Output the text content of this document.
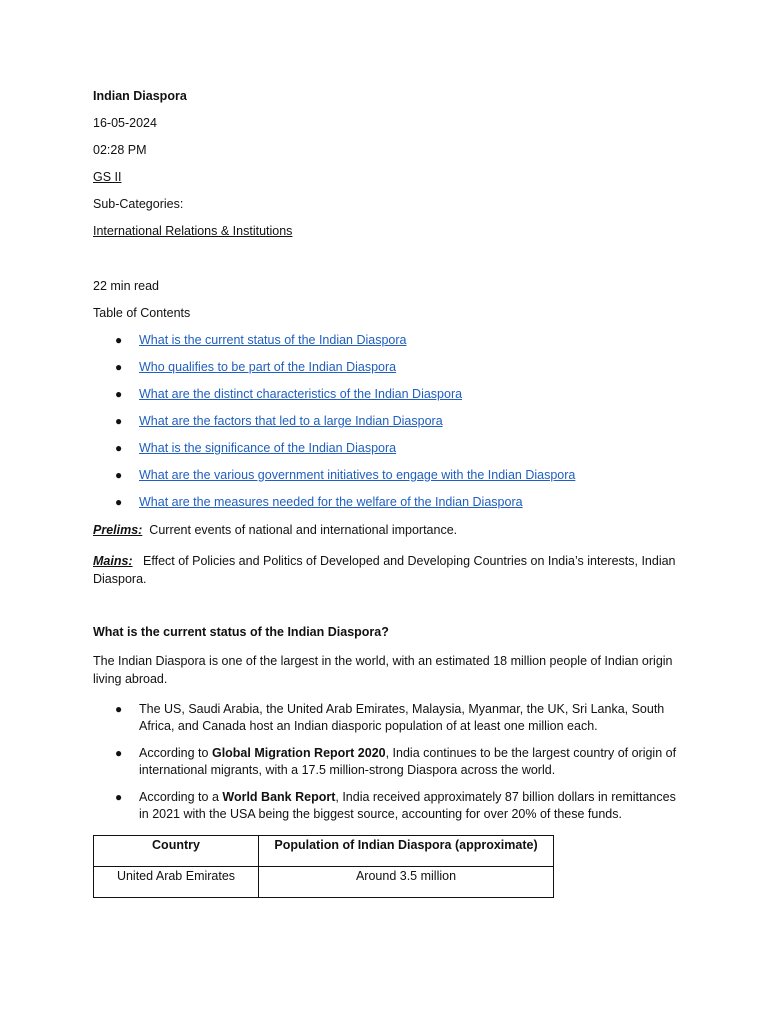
Indian Diaspora

16-05-2024

02:28 PM

GS II

Sub-Categories:

International Relations & Institutions

22 min read

Table of Contents

● What is the current status of the Indian Diaspora
● Who qualifies to be part of the Indian Diaspora
● What are the distinct characteristics of the Indian Diaspora
● What are the factors that led to a large Indian Diaspora
● What is the significance of the Indian Diaspora
● What are the various government initiatives to engage with the Indian Diaspora
● What are the measures needed for the welfare of the Indian Diaspora

Prelims: Current events of national and international importance.

Mains: Effect of Policies and Politics of Developed and Developing Countries on India’s interests, Indian Diaspora.

What is the current status of the Indian Diaspora?

The Indian Diaspora is one of the largest in the world, with an estimated 18 million people of Indian origin living abroad.

● The US, Saudi Arabia, the United Arab Emirates, Malaysia, Myanmar, the UK, Sri Lanka, South Africa, and Canada host an Indian diasporic population of at least one million each.
● According to Global Migration Report 2020, India continues to be the largest country of origin of international migrants, with a 17.5 million-strong Diaspora across the world.
● According to a World Bank Report, India received approximately 87 billion dollars in remittances in 2021 with the USA being the biggest source, accounting for over 20% of these funds.
Country	Population of Indian Diaspora (approximate)
United Arab Emirates	Around 3.5 million
